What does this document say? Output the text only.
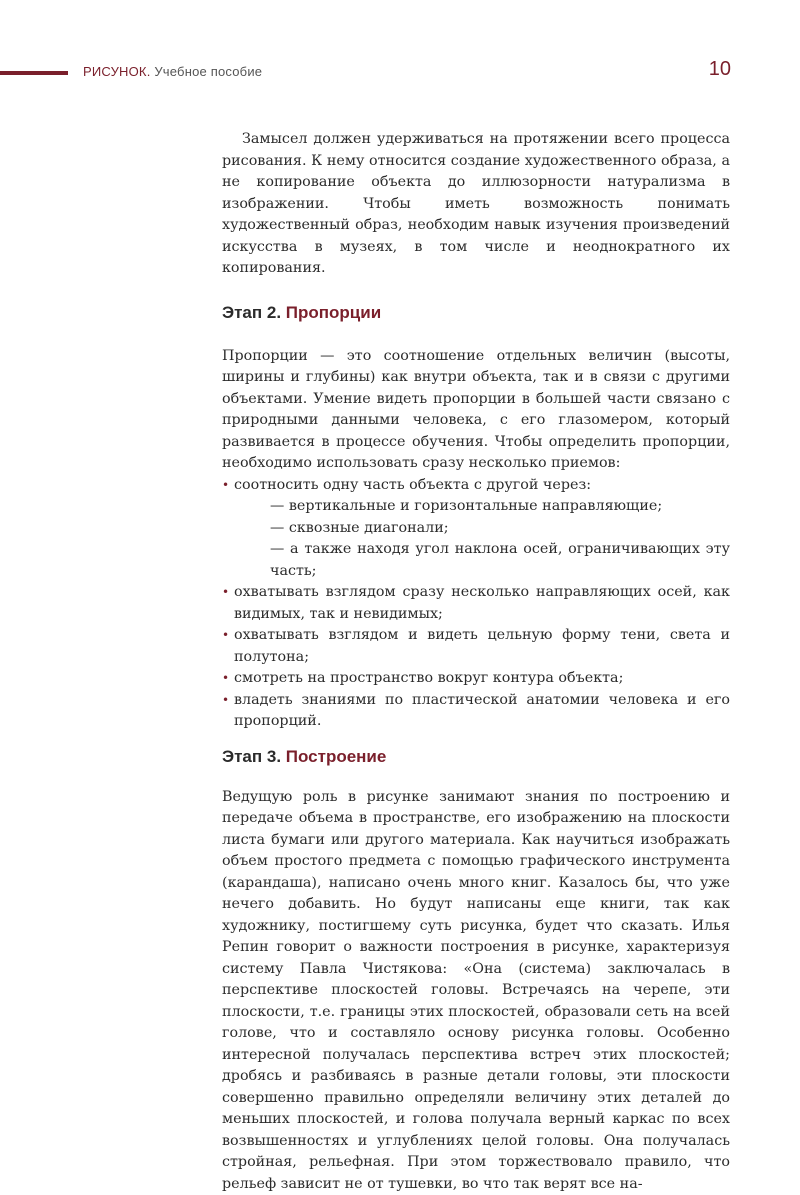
РИСУНОК. Учебное пособие	10

Замысел должен удерживаться на протяжении всего процесса рисования. К нему относится создание художественного образа, а не копирование объекта до иллюзорности натурализма в изображении. Чтобы иметь возможность понимать художественный образ, необходим навык изучения произведений искусства в музеях, в том числе и неоднократного их копирования.

Этап 2. Пропорции

Пропорции — это соотношение отдельных величин (высоты, ширины и глубины) как внутри объекта, так и в связи с другими объектами. Умение видеть пропорции в большей части связано с природными данными человека, с его глазомером, который развивается в процессе обучения. Чтобы определить пропорции, необходимо использовать сразу несколько приемов:

• соотносить одну часть объекта с другой через:
— вертикальные и горизонтальные направляющие;
— сквозные диагонали;
— а также находя угол наклона осей, ограничивающих эту часть;
• охватывать взглядом сразу несколько направляющих осей, как видимых, так и невидимых;
• охватывать взглядом и видеть цельную форму тени, света и полутона;
• смотреть на пространство вокруг контура объекта;
• владеть знаниями по пластической анатомии человека и его пропорций.
Этап 3. Построение

Ведущую роль в рисунке занимают знания по построению и передаче объема в пространстве, его изображению на плоскости листа бумаги или другого материала. Как научиться изображать объем простого предмета с помощью графического инструмента (карандаша), написано очень много книг. Казалось бы, что уже нечего добавить. Но будут написаны еще книги, так как художнику, постигшему суть рисунка, будет что сказать. Илья Репин говорит о важности построения в рисунке, характеризуя систему Павла Чистякова: «Она (система) заключалась в перспективе плоскостей головы. Встречаясь на черепе, эти плоскости, т.е. границы этих плоскостей, образовали сеть на всей голове, что и составляло основу рисунка головы. Особенно интересной получалась перспектива встреч этих плоскостей; дробясь и разбиваясь в разные детали головы, эти плоскости совершенно правильно определяли величину этих деталей до меньших плоскостей, и голова получала верный каркас по всех возвышенностях и углублениях целой головы. Она получалась стройная, рельефная. При этом торжествовало правило, что рельеф зависит не от тушевки, во что так верят все на-
